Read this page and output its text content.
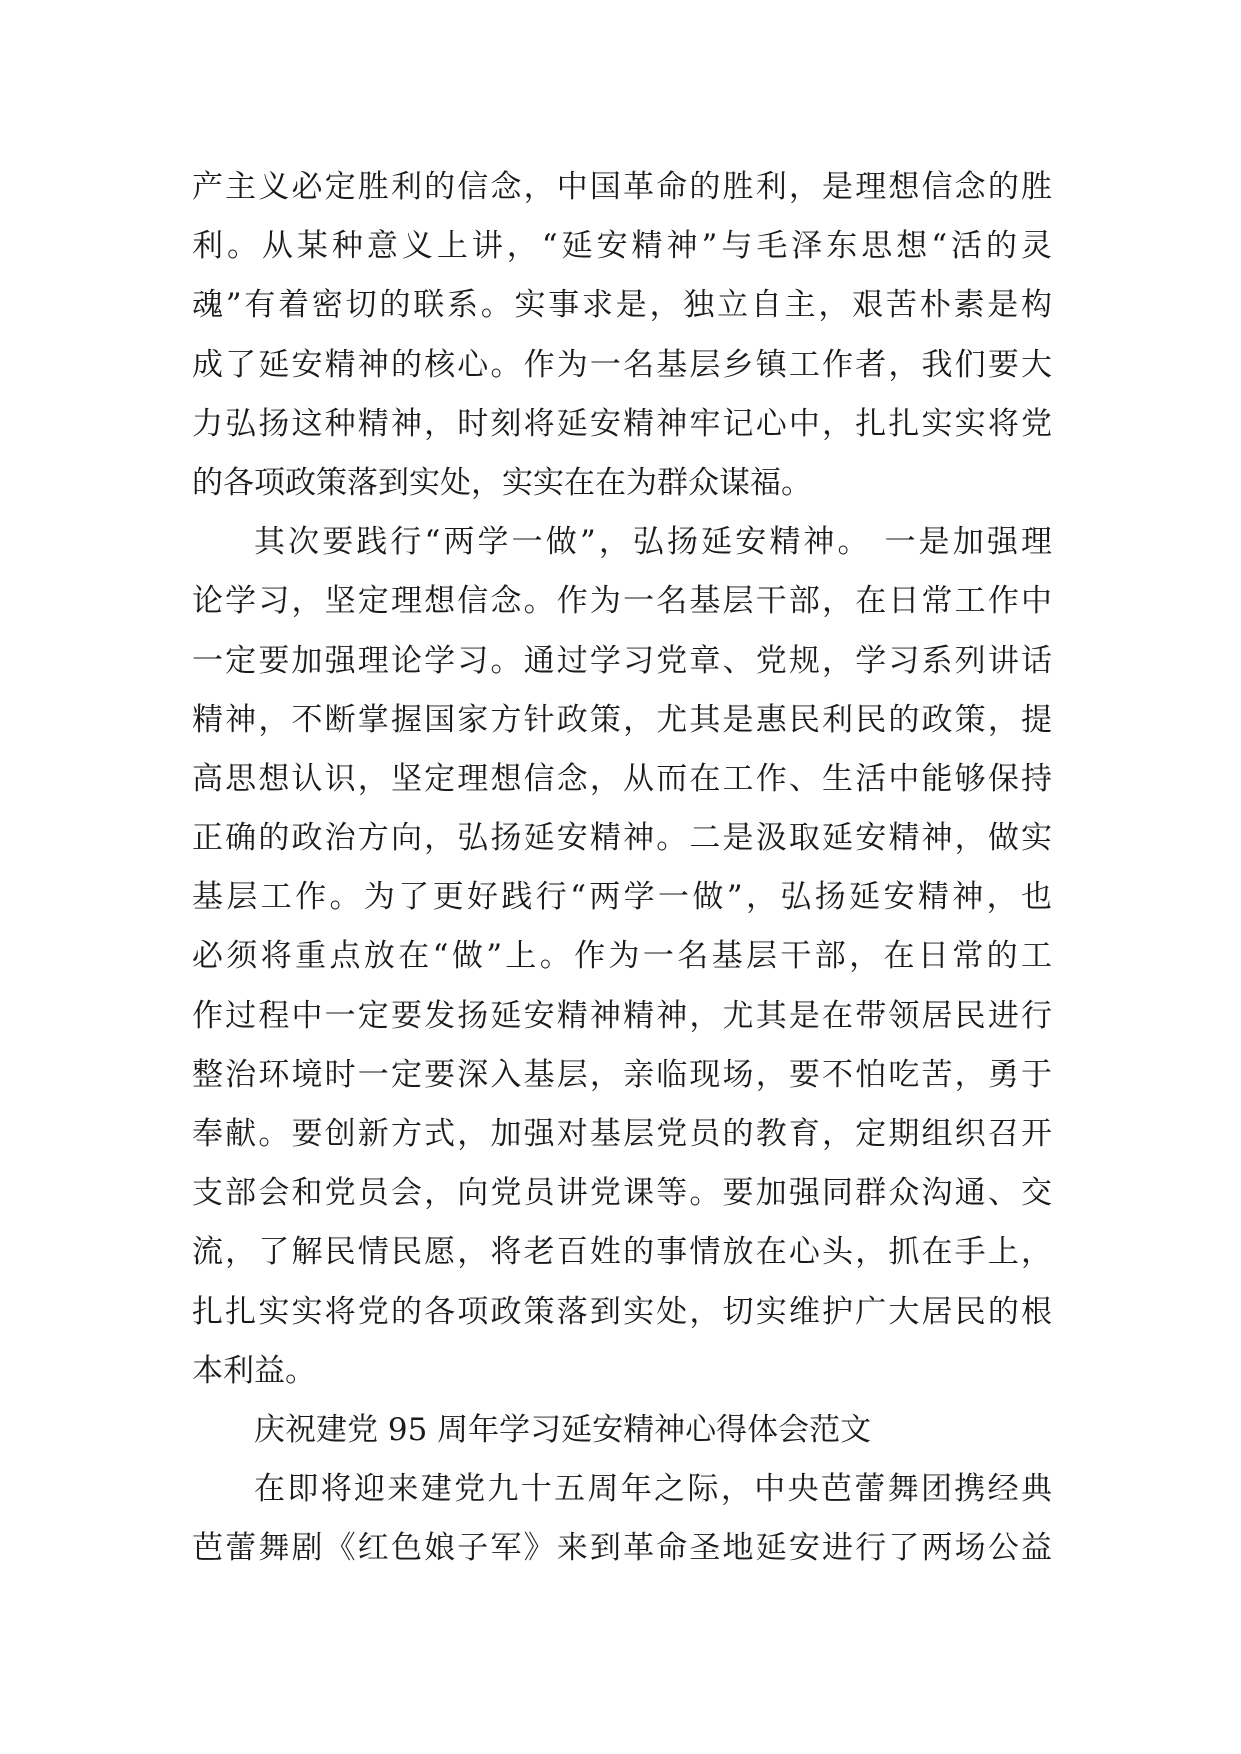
产主义必定胜利的信念，中国革命的胜利，是理想信念的胜
利。从某种意义上讲，“延安精神”与毛泽东思想“活的灵
魂”有着密切的联系。实事求是，独立自主，艰苦朴素是构
成了延安精神的核心。作为一名基层乡镇工作者，我们要大
力弘扬这种精神，时刻将延安精神牢记心中，扎扎实实将党
的各项政策落到实处，实实在在为群众谋福。
其次要践行“两学一做”，弘扬延安精神。 一是加强理
论学习，坚定理想信念。作为一名基层干部，在日常工作中
一定要加强理论学习。通过学习党章、党规，学习系列讲话
精神，不断掌握国家方针政策，尤其是惠民利民的政策，提
高思想认识，坚定理想信念，从而在工作、生活中能够保持
正确的政治方向，弘扬延安精神。二是汲取延安精神，做实
基层工作。为了更好践行“两学一做”，弘扬延安精神，也
必须将重点放在“做”上。作为一名基层干部，在日常的工
作过程中一定要发扬延安精神精神，尤其是在带领居民进行
整治环境时一定要深入基层，亲临现场，要不怕吃苦，勇于
奉献。要创新方式，加强对基层党员的教育，定期组织召开
支部会和党员会，向党员讲党课等。要加强同群众沟通、交
流，了解民情民愿，将老百姓的事情放在心头，抓在手上，
扎扎实实将党的各项政策落到实处，切实维护广大居民的根
本利益。
庆祝建党 95 周年学习延安精神心得体会范文
在即将迎来建党九十五周年之际，中央芭蕾舞团携经典
芭蕾舞剧《红色娘子军》来到革命圣地延安进行了两场公益
